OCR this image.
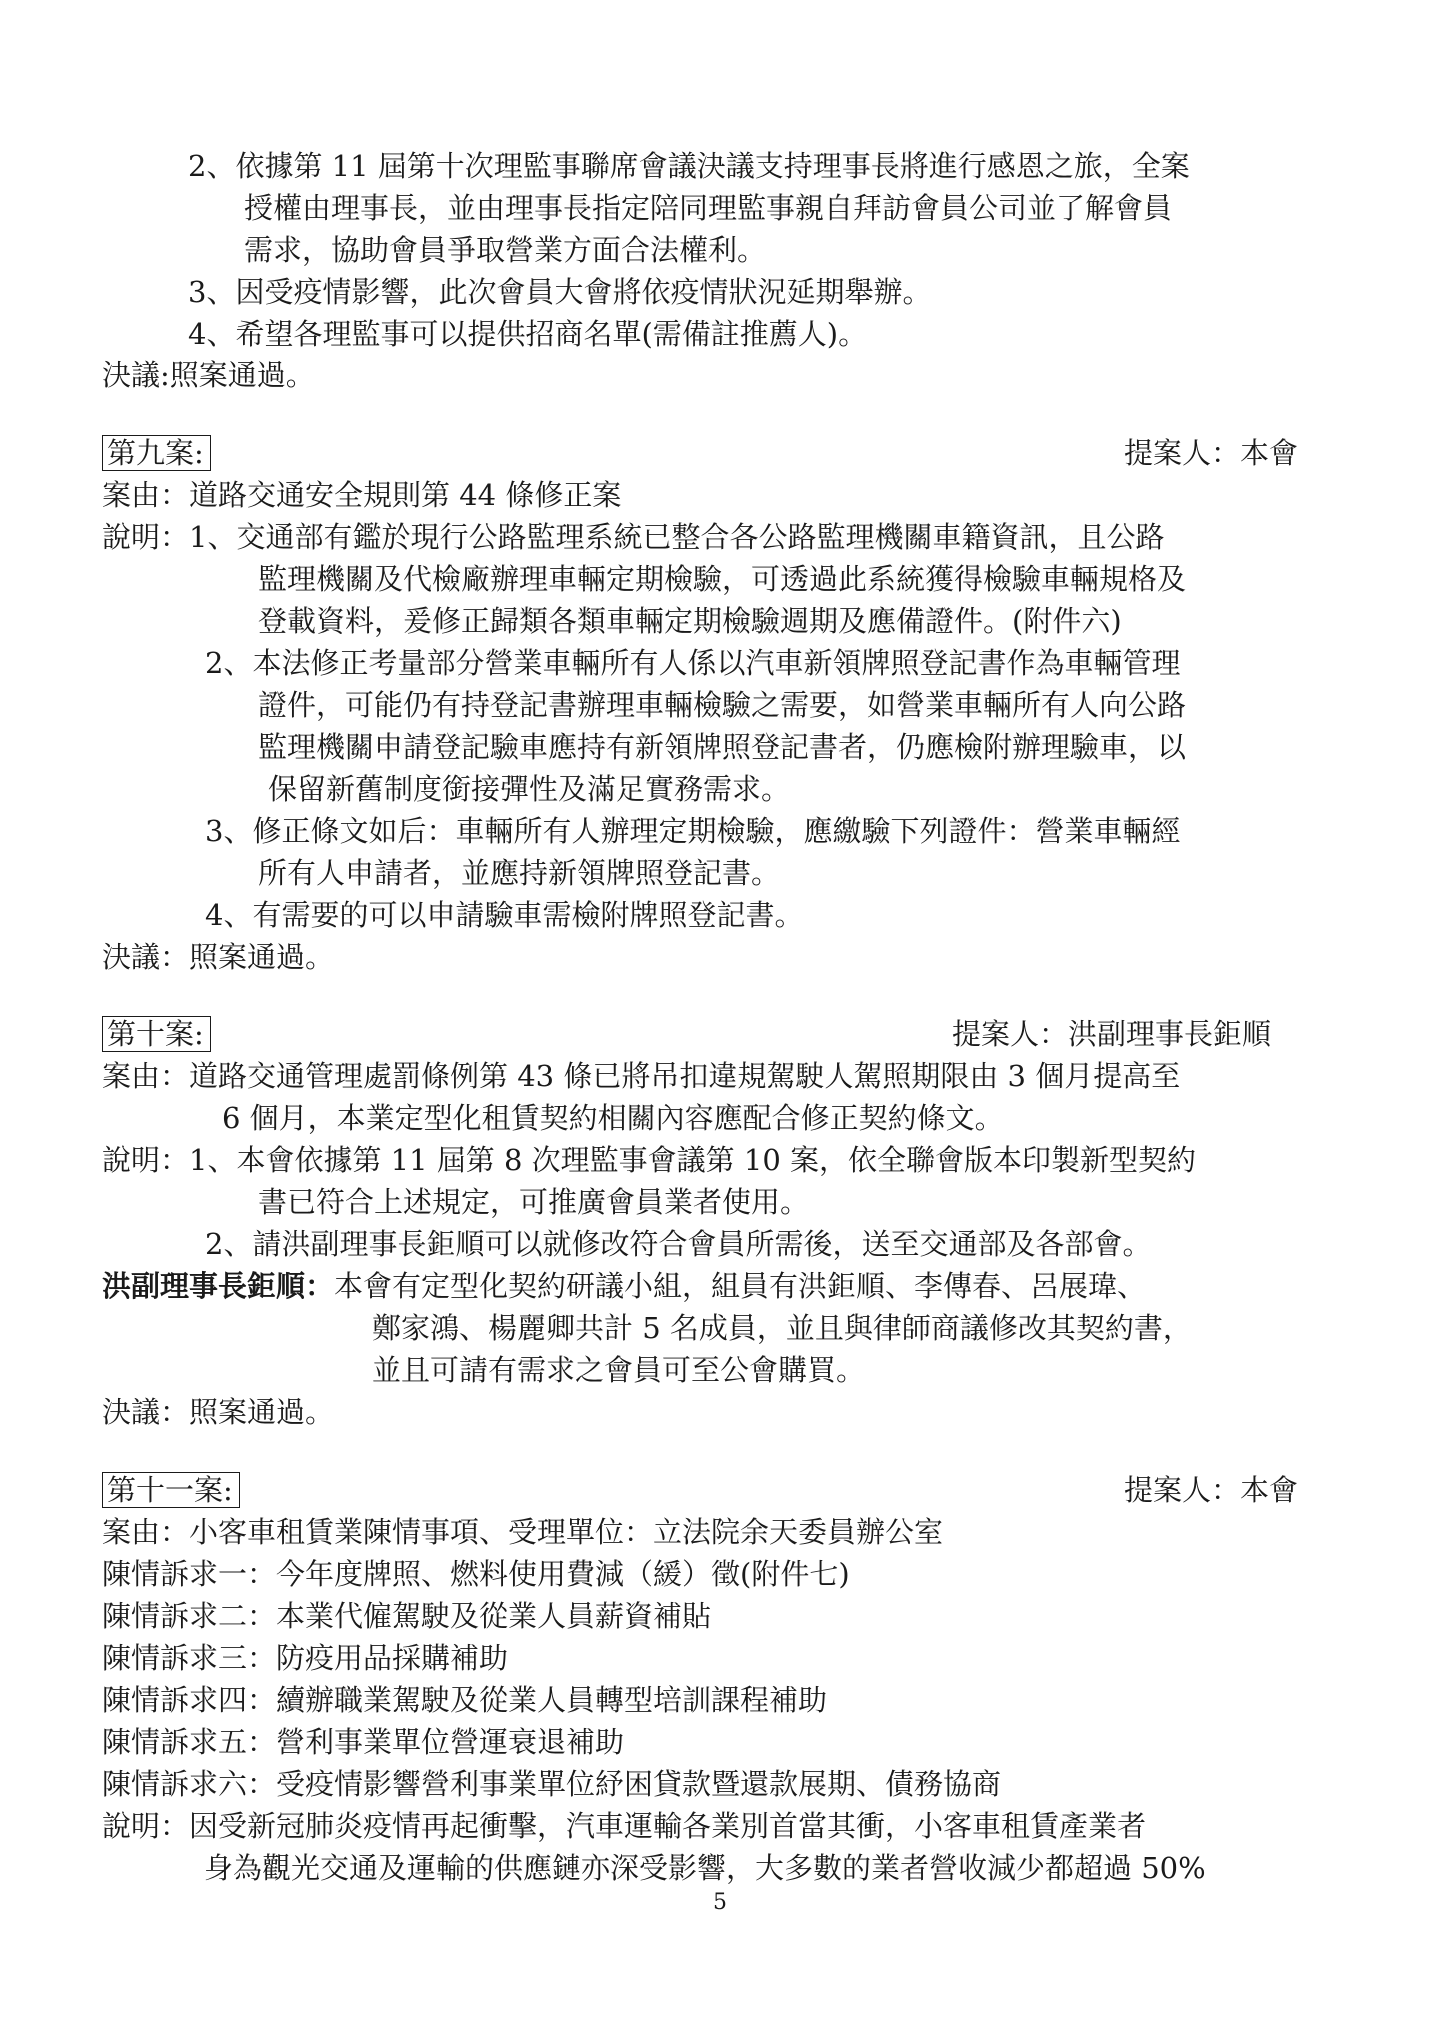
2、依據第 11 屆第十次理監事聯席會議決議支持理事長將進行感恩之旅，全案
授權由理事長，並由理事長指定陪同理監事親自拜訪會員公司並了解會員
需求，協助會員爭取營業方面合法權利。
3、因受疫情影響，此次會員大會將依疫情狀況延期舉辦。
4、希望各理監事可以提供招商名單(需備註推薦人)。
決議:照案通過。
第九案:	提案人：本會
案由：道路交通安全規則第 44 條修正案
說明：1、交通部有鑑於現行公路監理系統已整合各公路監理機關車籍資訊，且公路
監理機關及代檢廠辦理車輛定期檢驗，可透過此系統獲得檢驗車輛規格及
登載資料，爰修正歸類各類車輛定期檢驗週期及應備證件。(附件六)
2、本法修正考量部分營業車輛所有人係以汽車新領牌照登記書作為車輛管理
證件，可能仍有持登記書辦理車輛檢驗之需要，如營業車輛所有人向公路
監理機關申請登記驗車應持有新領牌照登記書者，仍應檢附辦理驗車，以
保留新舊制度銜接彈性及滿足實務需求。
3、修正條文如后：車輛所有人辦理定期檢驗，應繳驗下列證件：營業車輛經
所有人申請者，並應持新領牌照登記書。
4、有需要的可以申請驗車需檢附牌照登記書。
決議：照案通過。
第十案:	提案人：洪副理事長鉅順
案由：道路交通管理處罰條例第 43 條已將吊扣違規駕駛人駕照期限由 3 個月提高至
6 個月，本業定型化租賃契約相關內容應配合修正契約條文。
說明：1、本會依據第 11 屆第 8 次理監事會議第 10 案，依全聯會版本印製新型契約
書已符合上述規定，可推廣會員業者使用。
2、請洪副理事長鉅順可以就修改符合會員所需後，送至交通部及各部會。
洪副理事長鉅順：本會有定型化契約研議小組，組員有洪鉅順、李傳春、呂展瑋、
鄭家鴻、楊麗卿共計 5 名成員，並且與律師商議修改其契約書，
並且可請有需求之會員可至公會購買。
決議：照案通過。
第十一案:	提案人：本會
案由：小客車租賃業陳情事項、受理單位：立法院余天委員辦公室
陳情訴求一：今年度牌照、燃料使用費減（緩）徵(附件七)
陳情訴求二：本業代僱駕駛及從業人員薪資補貼
陳情訴求三：防疫用品採購補助
陳情訴求四：續辦職業駕駛及從業人員轉型培訓課程補助
陳情訴求五：營利事業單位營運衰退補助
陳情訴求六：受疫情影響營利事業單位紓困貸款暨還款展期、債務協商
說明：因受新冠肺炎疫情再起衝擊，汽車運輸各業別首當其衝，小客車租賃產業者
身為觀光交通及運輸的供應鏈亦深受影響，大多數的業者營收減少都超過 50%
5
